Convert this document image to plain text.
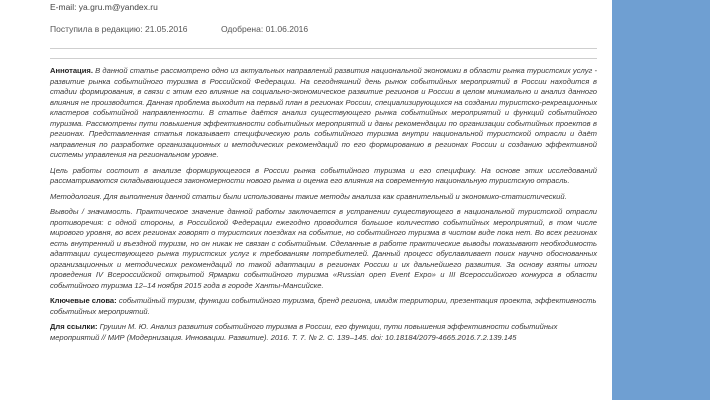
E-mail: ya.gru.m@yandex.ru
Поступила в редакцию: 21.05.2016	Одобрена: 01.06.2016

Аннотация. В данной статье рассмотрено одно из актуальных направлений развития национальной экономики в области рынка туристских услуг - развитие рынка событийного туризма в Российской Федерации. На сегодняшний день рынок событийных мероприятий в России находится в стадии формирования, в связи с этим его влияние на социально-экономическое развитие регионов и России в целом минимально и анализ данного влияния не производится. Данная проблема выходит на первый план в регионах России, специализирующихся на создании туристско-рекреационных кластеров событийной направленности. В статье даётся анализ существующего рынка событийных мероприятий и функций событийного туризма. Рассмотрены пути повышения эффективности событийных мероприятий и даны рекомендации по организации событийных проектов в регионах. Представленная статья показывает специфическую роль событийного туризма внутри национальной туристской отрасли и даёт направления по разработке организационных и методических рекомендаций по его формированию в регионах России и созданию эффективной системы управления на региональном уровне.

Цель работы состоит в анализе формирующегося в России рынка событийного туризма и его специфику. На основе этих исследований рассматриваются складывающиеся закономерности нового рынка и оценка его влияния на современную национальную туристскую отрасль.

Методология. Для выполнения данной статьи были использованы такие методы анализа как сравнительный и экономико-статистический.

Выводы / значимость. Практическое значение данной работы заключается в устранении существующего в национальной туристской отрасли противоречия: с одной стороны, в Российской Федерации ежегодно проводится большое количество событийных мероприятий, в том числе мирового уровня, во всех регионах говорят о туристских поездках на событие, но событийного туризма в чистом виде пока нет. Во всех регионах есть внутренний и въездной туризм, но он никак не связан с событийным. Сделанные в работе практические выводы показывают необходимость адаптации существующего рынка туристских услуг к требованиям потребителей. Данный процесс обуславливает поиск научно обоснованных организационных и методических рекомендаций по такой адаптации в регионах России и их дальнейшего развития. За основу взяты итоги проведения IV Всероссийской открытой Ярмарки событийного туризма «Russian open Event Expo» и III Всероссийского конкурса в области событийного туризма 12–14 ноября 2015 года в городе Ханты-Мансийске.

Ключевые слова: событийный туризм, функции событийного туризма, бренд региона, имидж территории, презентация проекта, эффективность событийных мероприятий.
Для ссылки: Грушин М. Ю. Анализ развития событийного туризма в России, его функции, пути повышения эффективности событийных мероприятий // МИР (Модернизация. Инновации. Развитие). 2016. Т. 7. № 2. С. 139–145. doi: 10.18184/2079-4665.2016.7.2.139.145
